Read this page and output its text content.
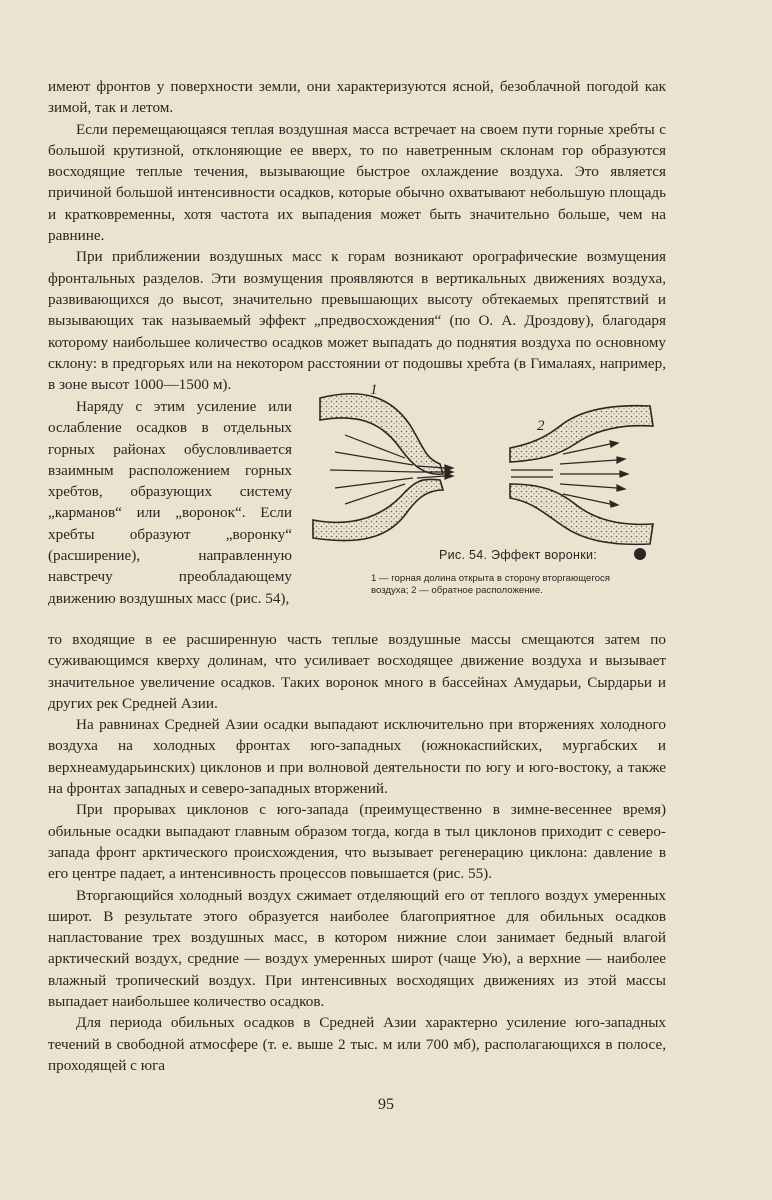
имеют фронтов у поверхности земли, они характеризуются ясной, безоблачной погодой как зимой, так и летом.

Если перемещающаяся теплая воздушная масса встречает на своем пути горные хребты с большой крутизной, отклоняющие ее вверх, то по наветренным склонам гор образуются восходящие теплые течения, вызывающие быстрое охлаждение воздуха. Это является причиной большой интенсивности осадков, которые обычно охватывают небольшую площадь и кратковременны, хотя частота их выпадения может быть значительно больше, чем на равнине.

При приближении воздушных масс к горам возникают орографические возмущения фронтальных разделов. Эти возмущения проявляются в вертикальных движениях воздуха, развивающихся до высот, значительно превышающих высоту обтекаемых препятствий и вызывающих так называемый эффект „предвосхождения“ (по О. А. Дроздову), благодаря которому наибольшее количество осадков может выпадать до поднятия воздуха по основному склону: в предгорьях или на некотором расстоянии от подошвы хребта (в Гималаях, например, в зоне высот 1000—1500 м).

Наряду с этим усиление или ослабление осадков в отдельных горных районах обусловливается взаимным расположением горных хребтов, образующих систему „карманов“ или „воронок“. Если хребты образуют „воронку“ (расширение), направленную навстречу преобладающему движению воздушных масс (рис. 54),

1
2
Рис. 54. Эффект воронки:
1 — горная долина открыта в сторону вторгающегося воздуха; 2 — обратное расположение.

то входящие в ее расширенную часть теплые воздушные массы смещаются затем по суживающимся кверху долинам, что усиливает восходящее движение воздуха и вызывает значительное увеличение осадков. Таких воронок много в бассейнах Амударьи, Сырдарьи и других рек Средней Азии.

На равнинах Средней Азии осадки выпадают исключительно при вторжениях холодного воздуха на холодных фронтах юго-западных (южнокаспийских, мургабских и верхнеамударьинских) циклонов и при волновой деятельности по югу и юго-востоку, а также на фронтах западных и северо-западных вторжений.

При прорывах циклонов с юго-запада (преимущественно в зимне-весеннее время) обильные осадки выпадают главным образом тогда, когда в тыл циклонов приходит с северо-запада фронт арктического происхождения, что вызывает регенерацию циклона: давление в его центре падает, а интенсивность процессов повышается (рис. 55).

Вторгающийся холодный воздух сжимает отделяющий его от теплого воздух умеренных широт. В результате этого образуется наиболее благоприятное для обильных осадков напластование трех воздушных масс, в котором нижние слои занимает бедный влагой арктический воздух, средние — воздух умеренных широт (чаще Ую), а верхние — наиболее влажный тропический воздух. При интенсивных восходящих движениях из этой массы выпадает наибольшее количество осадков.

Для периода обильных осадков в Средней Азии характерно усиление юго-западных течений в свободной атмосфере (т. е. выше 2 тыс. м или 700 мб), располагающихся в полосе, проходящей с юга

95
